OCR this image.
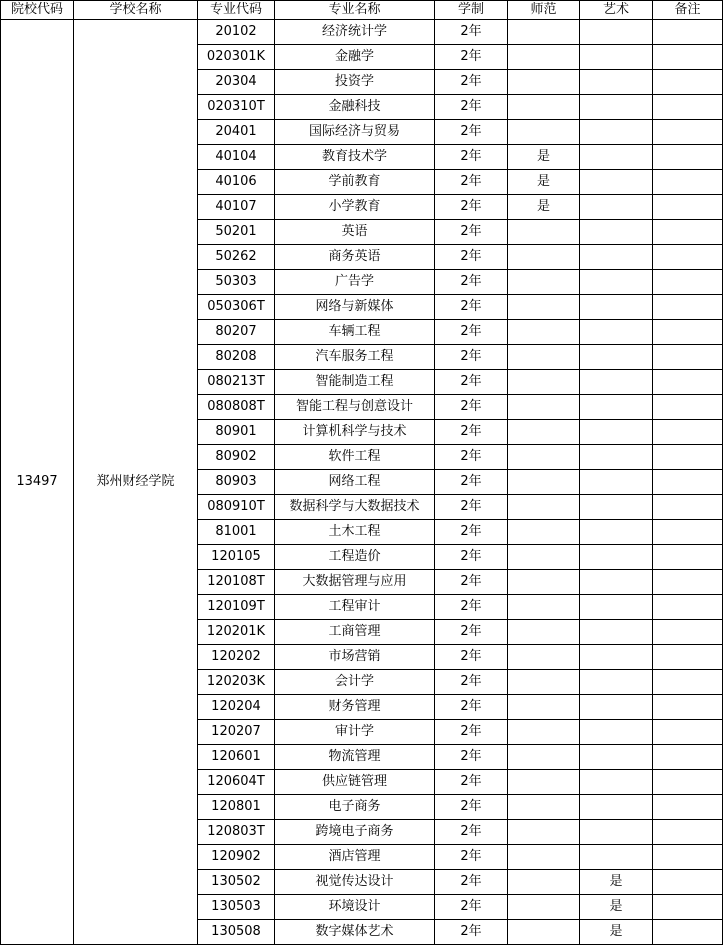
院校代码	学校名称	专业代码	专业名称	学制	师范	艺术	备注
13497	郑州财经学院	20102	经济统计学	2年			
		020301K	金融学	2年			
		20304	投资学	2年			
		020310T	金融科技	2年			
		20401	国际经济与贸易	2年			
		40104	教育技术学	2年	是		
		40106	学前教育	2年	是		
		40107	小学教育	2年	是		
		50201	英语	2年			
		50262	商务英语	2年			
		50303	广告学	2年			
		050306T	网络与新媒体	2年			
		80207	车辆工程	2年			
		80208	汽车服务工程	2年			
		080213T	智能制造工程	2年			
		080808T	智能工程与创意设计	2年			
		80901	计算机科学与技术	2年			
		80902	软件工程	2年			
		80903	网络工程	2年			
		080910T	数据科学与大数据技术	2年			
		81001	土木工程	2年			
		120105	工程造价	2年			
		120108T	大数据管理与应用	2年			
		120109T	工程审计	2年			
		120201K	工商管理	2年			
		120202	市场营销	2年			
		120203K	会计学	2年			
		120204	财务管理	2年			
		120207	审计学	2年			
		120601	物流管理	2年			
		120604T	供应链管理	2年			
		120801	电子商务	2年			
		120803T	跨境电子商务	2年			
		120902	酒店管理	2年			
		130502	视觉传达设计	2年		是	
		130503	环境设计	2年		是	
		130508	数字媒体艺术	2年		是	
